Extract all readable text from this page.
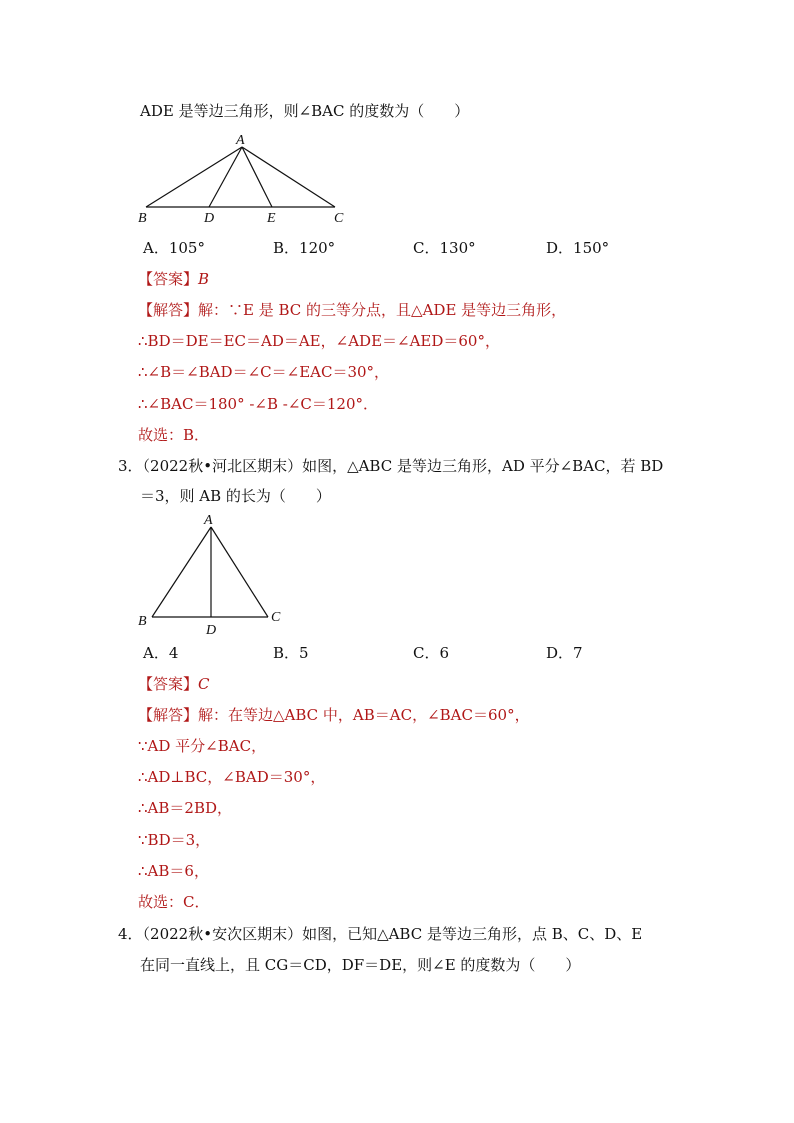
ADE 是等边三角形，则∠BAC 的度数为（　　）
A
B	D	E	C
A．105°	B．120°	C．130°	D．150°
【答案】B
【解答】解：∵E 是 BC 的三等分点，且△ADE 是等边三角形，
∴BD＝DE＝EC＝AD＝AE，∠ADE＝∠AED＝60°，
∴∠B＝∠BAD＝∠C＝∠EAC＝30°，
∴∠BAC＝180° -∠B -∠C＝120°．
故选：B．
3．（2022秋•河北区期末）如图，△ABC 是等边三角形，AD 平分∠BAC，若 BD
＝3，则 AB 的长为（　　）
A
B	C
D
A．4	B．5	C．6	D．7
【答案】C
【解答】解：在等边△ABC 中，AB＝AC，∠BAC＝60°，
∵AD 平分∠BAC，
∴AD⊥BC，∠BAD＝30°，
∴AB＝2BD，
∵BD＝3，
∴AB＝6，
故选：C．
4．（2022秋•安次区期末）如图，已知△ABC 是等边三角形，点 B、C、D、E
在同一直线上，且 CG＝CD，DF＝DE，则∠E 的度数为（　　）
